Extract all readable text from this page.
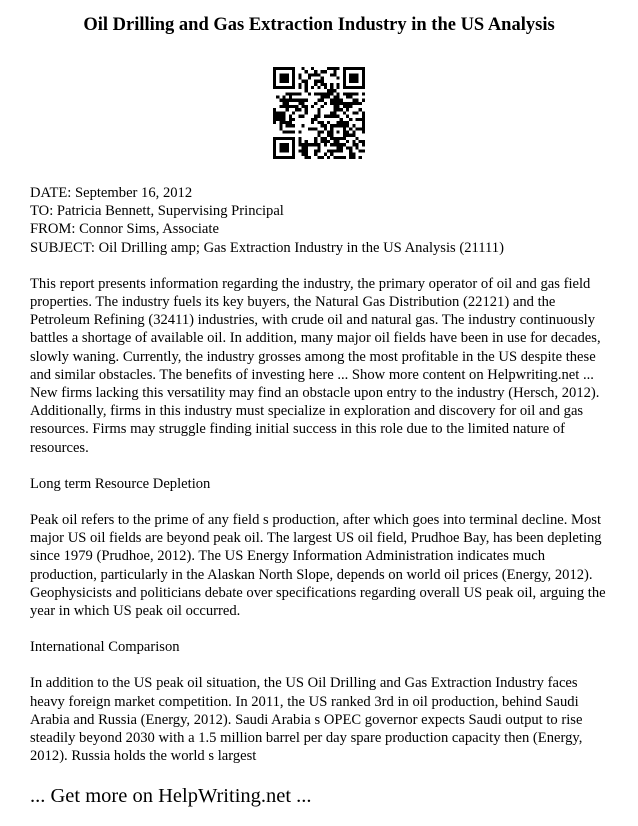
Oil Drilling and Gas Extraction Industry in the US Analysis
DATE: September 16, 2012
TO: Patricia Bennett, Supervising Principal
FROM: Connor Sims, Associate
SUBJECT: Oil Drilling amp; Gas Extraction Industry in the US Analysis (21111)

This report presents information regarding the industry, the primary operator of oil and gas field properties. The industry fuels its key buyers, the Natural Gas Distribution (22121) and the Petroleum Refining (32411) industries, with crude oil and natural gas. The industry continuously battles a shortage of available oil. In addition, many major oil fields have been in use for decades, slowly waning. Currently, the industry grosses among the most profitable in the US despite these and similar obstacles. The benefits of investing here ... Show more content on Helpwriting.net ...

New firms lacking this versatility may find an obstacle upon entry to the industry (Hersch, 2012). Additionally, firms in this industry must specialize in exploration and discovery for oil and gas resources. Firms may struggle finding initial success in this role due to the limited nature of resources.

Long term Resource Depletion

Peak oil refers to the prime of any field s production, after which goes into terminal decline. Most major US oil fields are beyond peak oil. The largest US oil field, Prudhoe Bay, has been depleting since 1979 (Prudhoe, 2012). The US Energy Information Administration indicates much production, particularly in the Alaskan North Slope, depends on world oil prices (Energy, 2012). Geophysicists and politicians debate over specifications regarding overall US peak oil, arguing the year in which US peak oil occurred.

International Comparison

In addition to the US peak oil situation, the US Oil Drilling and Gas Extraction Industry faces heavy foreign market competition. In 2011, the US ranked 3rd in oil production, behind Saudi Arabia and Russia (Energy, 2012). Saudi Arabia s OPEC governor expects Saudi output to rise steadily beyond 2030 with a 1.5 million barrel per day spare production capacity then (Energy, 2012). Russia holds the world s largest

... Get more on HelpWriting.net ...
